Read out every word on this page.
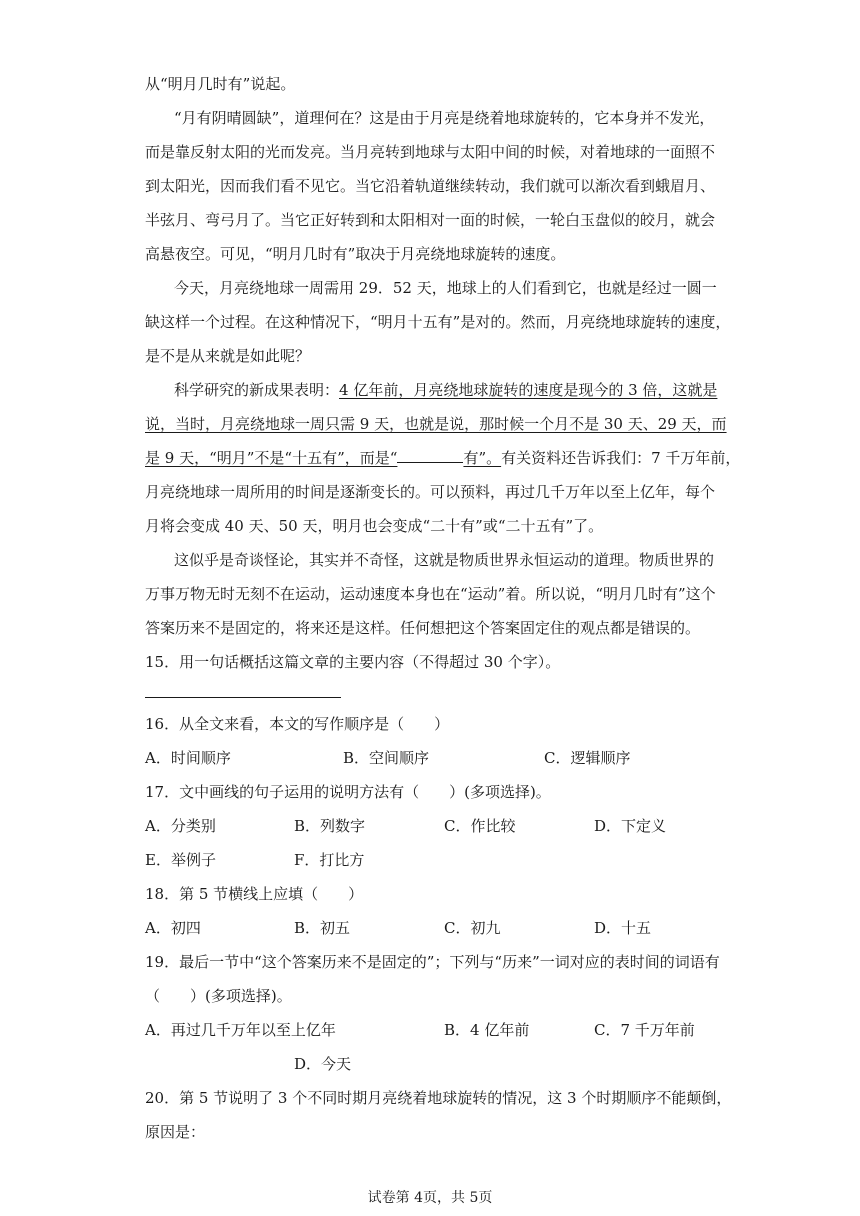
从“明月几时有”说起。
“月有阴晴圆缺”，道理何在？这是由于月亮是绕着地球旋转的，它本身并不发光，
而是靠反射太阳的光而发亮。当月亮转到地球与太阳中间的时候，对着地球的一面照不
到太阳光，因而我们看不见它。当它沿着轨道继续转动，我们就可以渐次看到蛾眉月、
半弦月、弯弓月了。当它正好转到和太阳相对一面的时候，一轮白玉盘似的皎月，就会
高悬夜空。可见，“明月几时有”取决于月亮绕地球旋转的速度。
今天，月亮绕地球一周需用 29．52 天，地球上的人们看到它，也就是经过一圆一
缺这样一个过程。在这种情况下，“明月十五有”是对的。然而，月亮绕地球旋转的速度，
是不是从来就是如此呢？
科学研究的新成果表明：4 亿年前，月亮绕地球旋转的速度是现今的 3 倍，这就是
说，当时，月亮绕地球一周只需 9 天，也就是说，那时候一个月不是 30 天、29 天，而
是 9 天，“明月”不是“十五有”，而是“	有”。有关资料还告诉我们：7 千万年前，
月亮绕地球一周所用的时间是逐渐变长的。可以预料，再过几千万年以至上亿年，每个
月将会变成 40 天、50 天，明月也会变成“二十有”或“二十五有”了。
这似乎是奇谈怪论，其实并不奇怪，这就是物质世界永恒运动的道理。物质世界的
万事万物无时无刻不在运动，运动速度本身也在“运动”着。所以说，“明月几时有”这个
答案历来不是固定的，将来还是这样。任何想把这个答案固定住的观点都是错误的。
15．用一句话概括这篇文章的主要内容（不得超过 30 个字）。
16．从全文来看，本文的写作顺序是（　　）
A．时间顺序	B．空间顺序	C．逻辑顺序
17．文中画线的句子运用的说明方法有（　　）(多项选择)。
A．分类别	B．列数字	C．作比较	D．下定义
E．举例子	F．打比方
18．第 5 节横线上应填（　　）
A．初四	B．初五	C．初九	D．十五
19．最后一节中“这个答案历来不是固定的”；下列与“历来”一词对应的表时间的词语有
（　　）(多项选择)。
A．再过几千万年以至上亿年	B．4 亿年前	C．7 千万年前
D．今天
20．第 5 节说明了 3 个不同时期月亮绕着地球旋转的情况，这 3 个时期顺序不能颠倒，
原因是：
试卷第 4页，共 5页
